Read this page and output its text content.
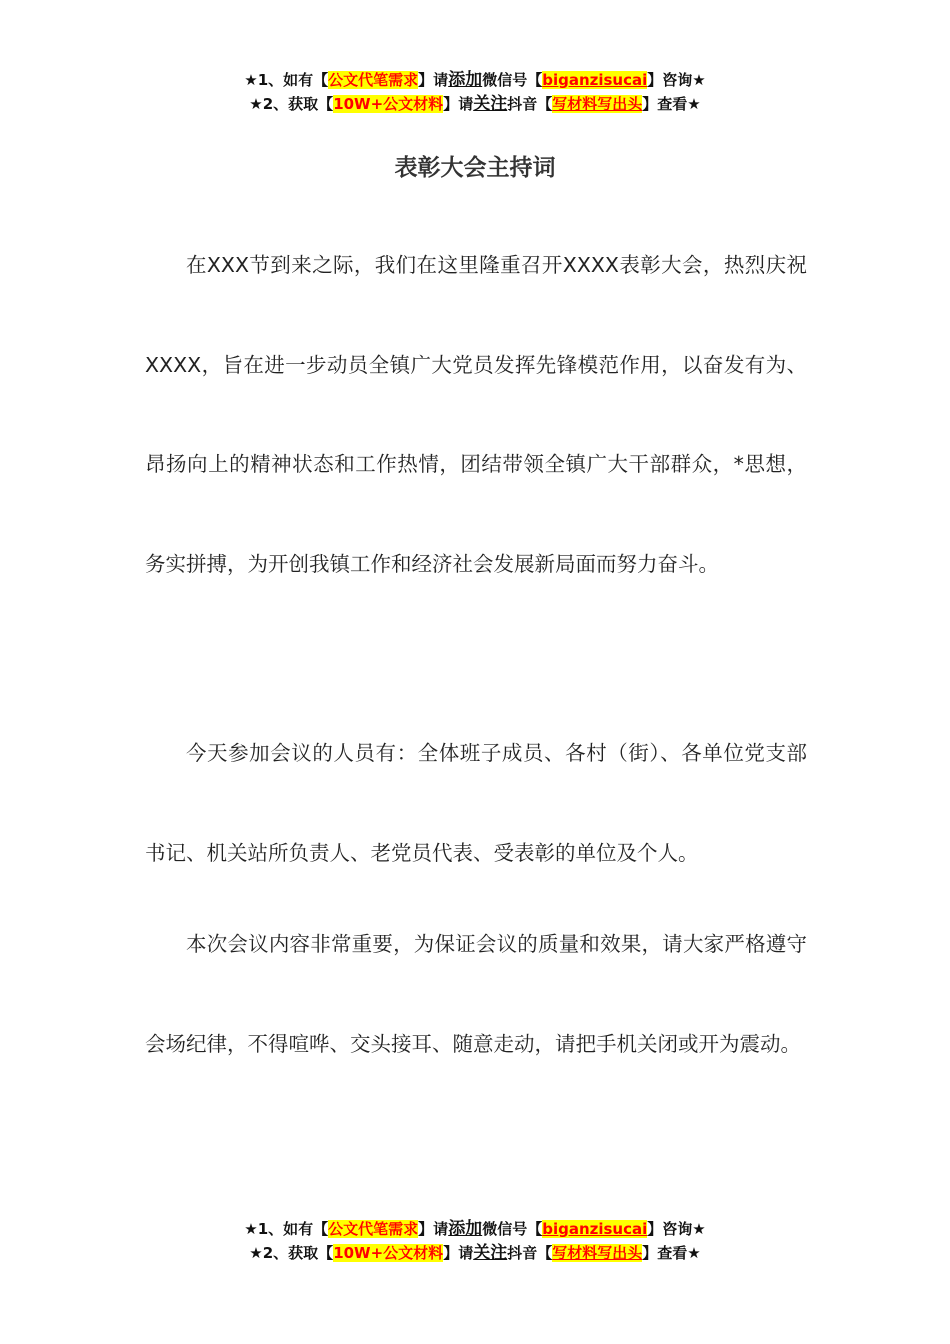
★1、如有【公文代笔需求】请添加微信号【biganzisucai】咨询★
★2、获取【10W+公文材料】请关注抖音【写材料写出头】查看★
表彰大会主持词

在XXX节到来之际，我们在这里隆重召开XXXX表彰大会，热烈庆祝XXXX，旨在进一步动员全镇广大党员发挥先锋模范作用，以奋发有为、昂扬向上的精神状态和工作热情，团结带领全镇广大干部群众，*思想，务实拼搏，为开创我镇工作和经济社会发展新局面而努力奋斗。

今天参加会议的人员有：全体班子成员、各村（街）、各单位党支部书记、机关站所负责人、老党员代表、受表彰的单位及个人。

本次会议内容非常重要，为保证会议的质量和效果，请大家严格遵守会场纪律，不得喧哗、交头接耳、随意走动，请把手机关闭或开为震动。

★1、如有【公文代笔需求】请添加微信号【biganzisucai】咨询★
★2、获取【10W+公文材料】请关注抖音【写材料写出头】查看★
